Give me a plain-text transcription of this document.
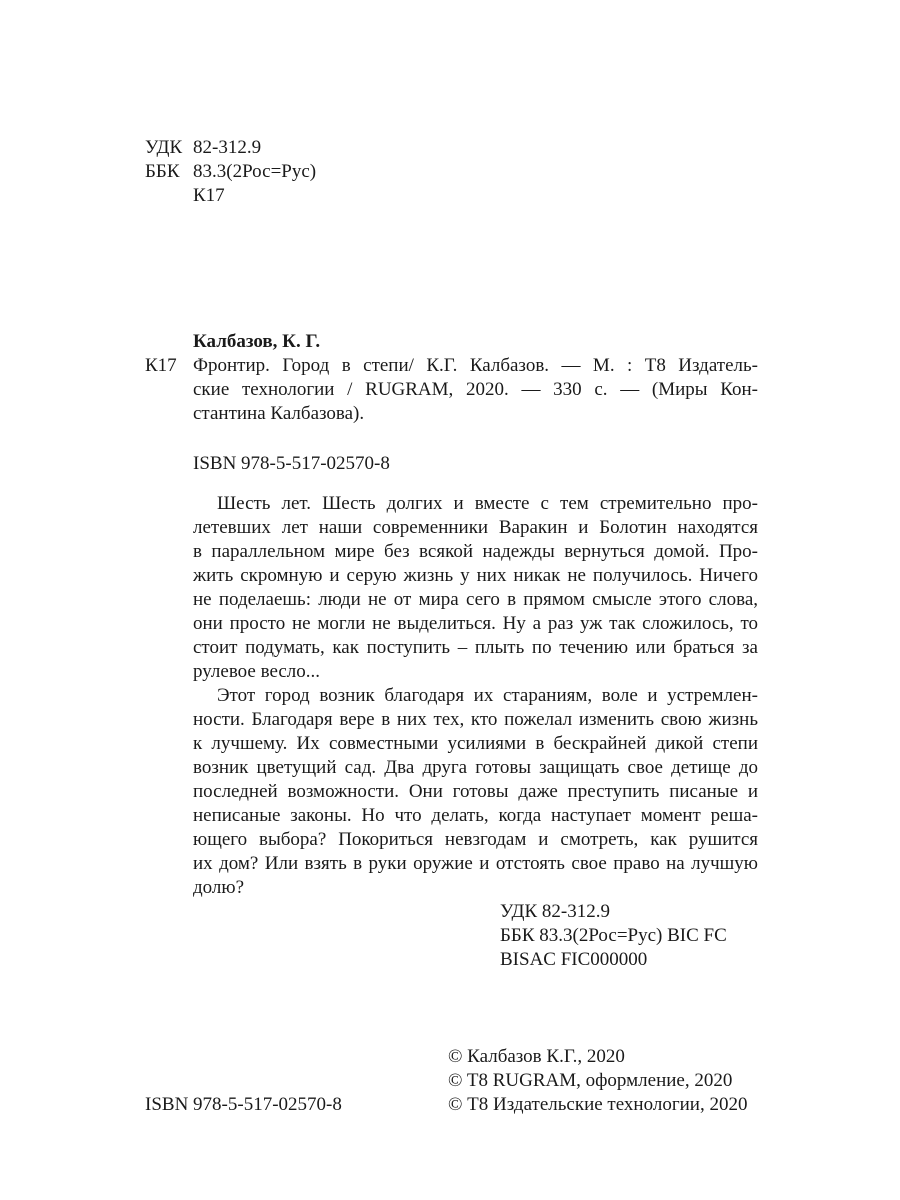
УДК 82-312.9
ББК 83.3(2Рос=Рус)
К17
Калбазов, К. Г.
К17 Фронтир. Город в степи/ К.Г. Калбазов. — М. : Т8 Издатель-
ские технологии / RUGRAM, 2020. — 330 с. — (Миры Кон-
стантина Калбазова).
ISBN 978-5-517-02570-8
Шесть лет. Шесть долгих и вместе с тем стремительно про-
летевших лет наши современники Варакин и Болотин находятся
в параллельном мире без всякой надежды вернуться домой. Про-
жить скромную и серую жизнь у них никак не получилось. Ничего
не поделаешь: люди не от мира сего в прямом смысле этого слова,
они просто не могли не выделиться. Ну а раз уж так сложилось, то
стоит подумать, как поступить – плыть по течению или браться за
рулевое весло...
Этот город возник благодаря их стараниям, воле и устремлен-
ности. Благодаря вере в них тех, кто пожелал изменить свою жизнь
к лучшему. Их совместными усилиями в бескрайней дикой степи
возник цветущий сад. Два друга готовы защищать свое детище до
последней возможности. Они готовы даже преступить писаные и
неписаные законы. Но что делать, когда наступает момент реша-
ющего выбора? Покориться невзгодам и смотреть, как рушится
их дом? Или взять в руки оружие и отстоять свое право на лучшую
долю?
УДК 82-312.9
ББК 83.3(2Рос=Рус) BIC FC
BISAC FIC000000
© Калбазов К.Г., 2020
© T8 RUGRAM, оформление, 2020
© Т8 Издательские технологии, 2020
ISBN 978-5-517-02570-8
